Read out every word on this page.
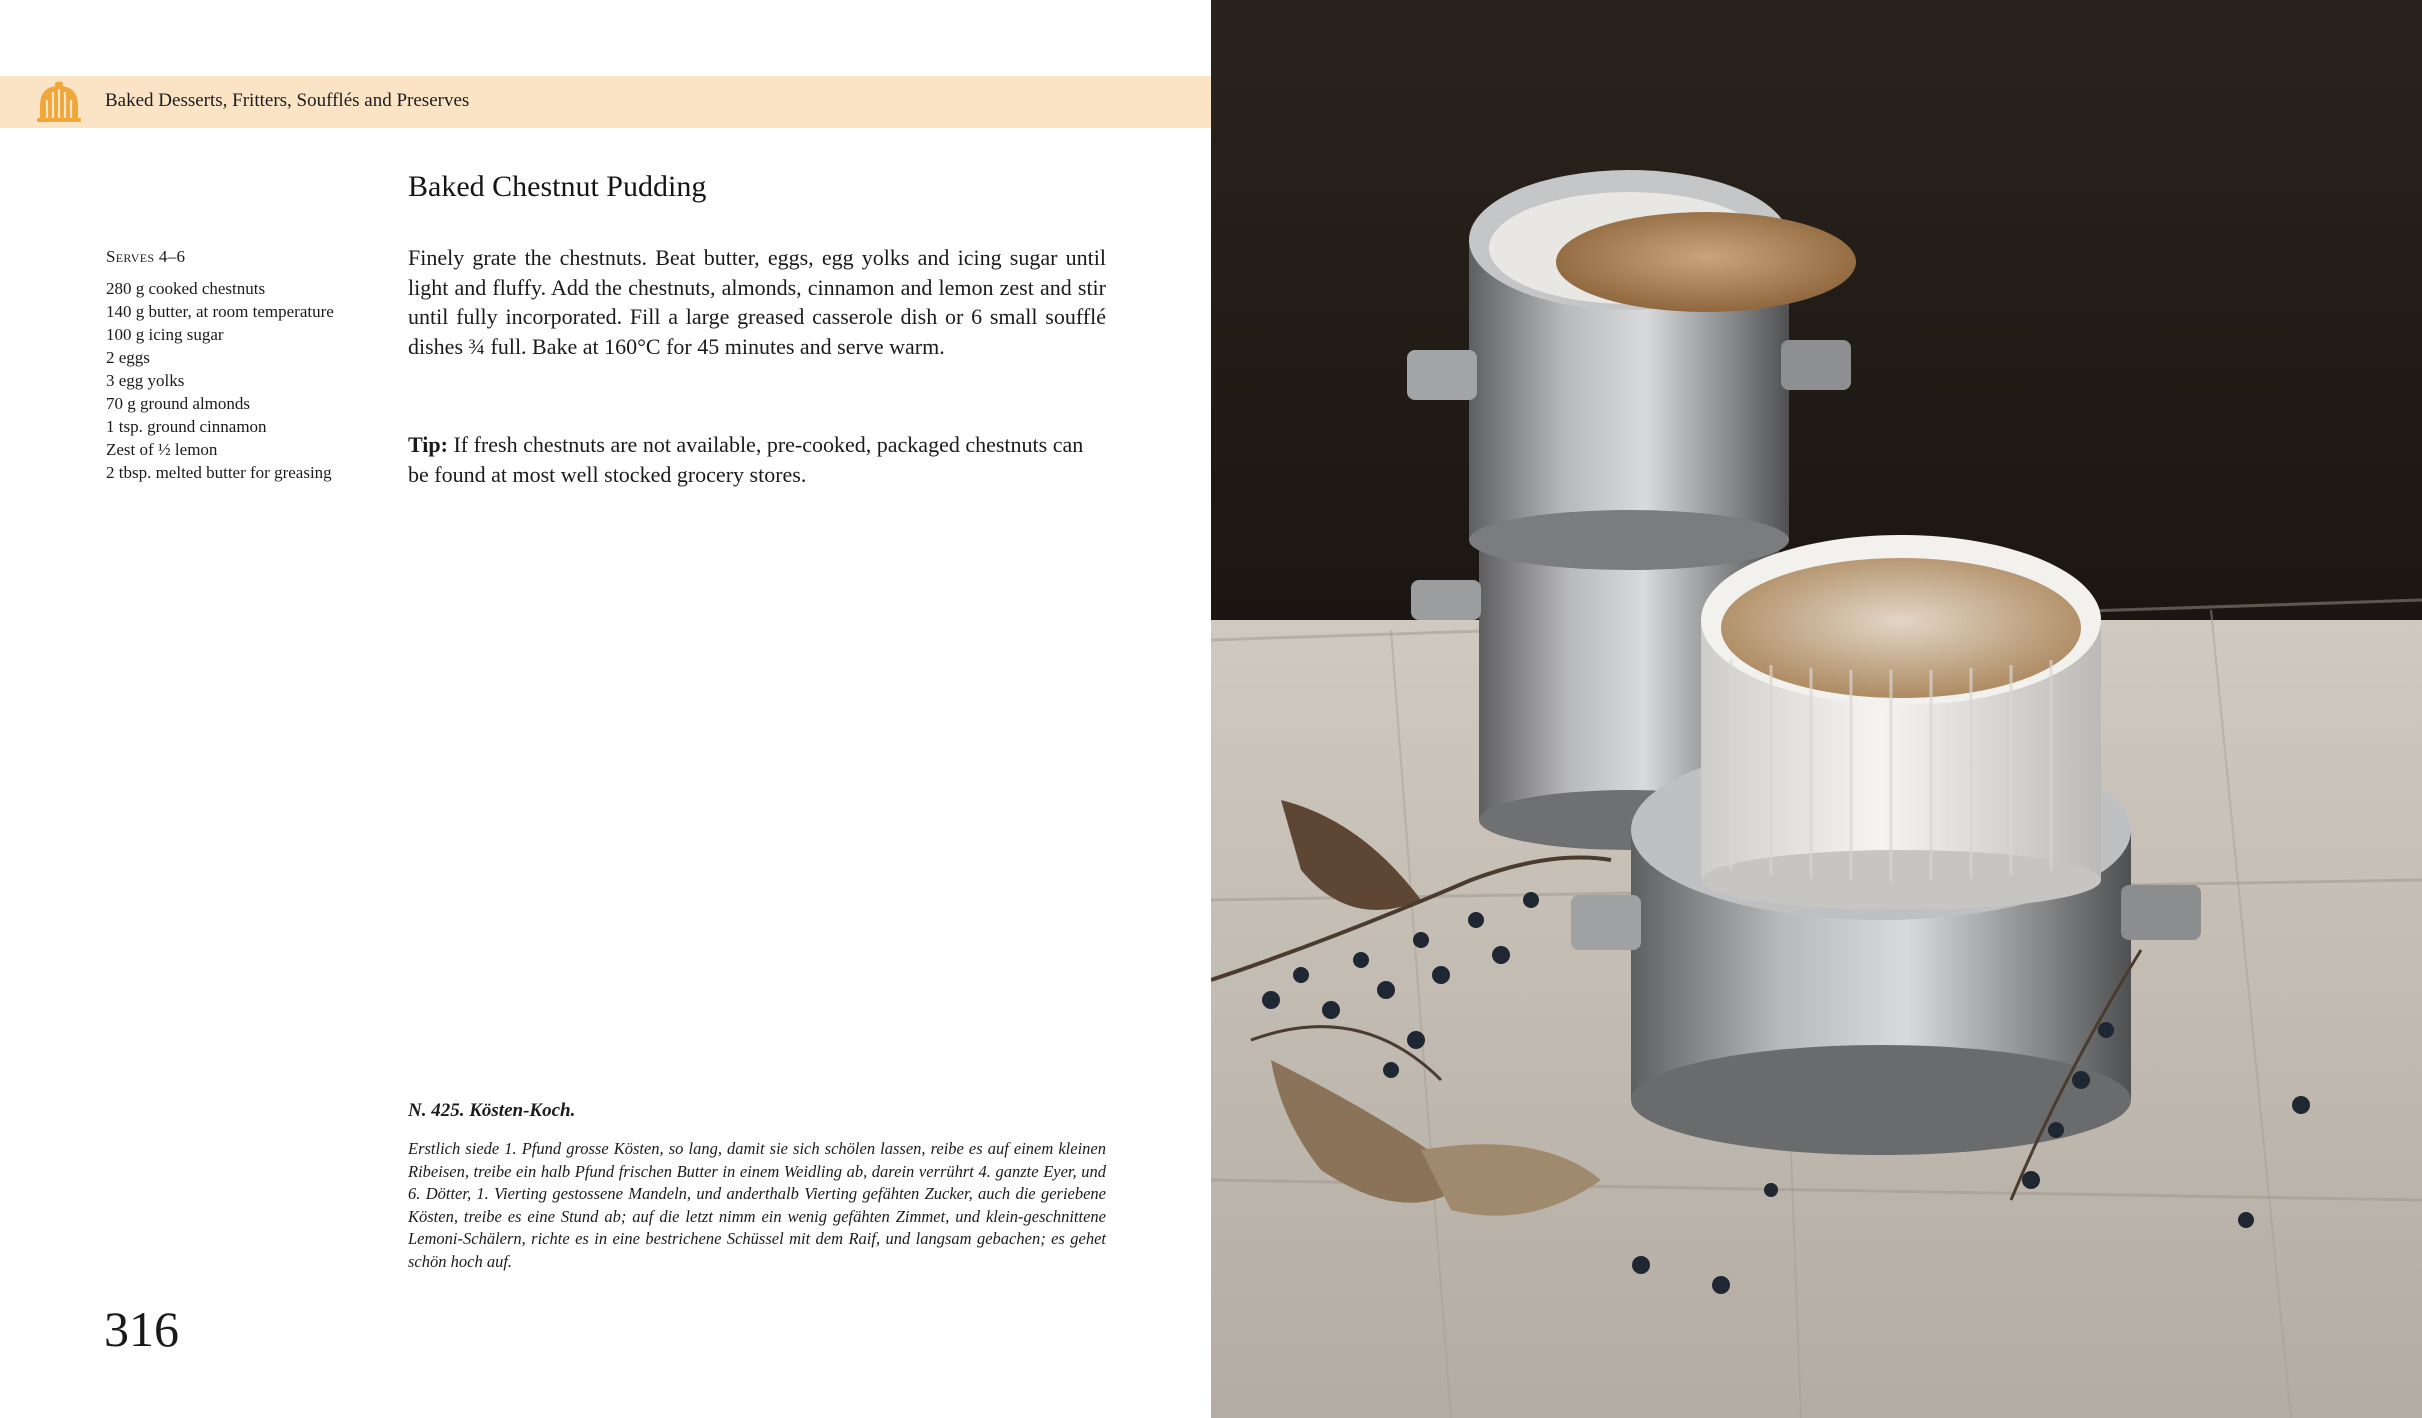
Baked Desserts, Fritters, Soufflés and Preserves
Baked Chestnut Pudding
Serves 4–6
280 g cooked chestnuts
140 g butter, at room temperature
100 g icing sugar
2 eggs
3 egg yolks
70 g ground almonds
1 tsp. ground cinnamon
Zest of ½ lemon
2 tbsp. melted butter for greasing

Finely grate the chestnuts. Beat butter, eggs, egg yolks and icing sugar until light and fluffy. Add the chestnuts, almonds, cinnamon and lemon zest and stir until fully incorporated. Fill a large greased casserole dish or 6 small soufflé dishes ¾ full. Bake at 160°C for 45 minutes and serve warm.

Tip: If fresh chestnuts are not available, pre-cooked, packaged chestnuts can be found at most well stocked grocery stores.

N. 425. Kösten-Koch.

Erstlich siede 1. Pfund grosse Kösten, so lang, damit sie sich schölen lassen, reibe es auf einem kleinen Ribeisen, treibe ein halb Pfund frischen Butter in einem Weidling ab, darein verrührt 4. ganzte Eyer, und 6. Dötter, 1. Vierting gestossene Mandeln, und anderthalb Vierting gefähten Zucker, auch die geriebene Kösten, treibe es eine Stund ab; auf die letzt nimm ein wenig gefähten Zimmet, und klein-geschnittene Lemoni-Schälern, richte es in eine bestrichene Schüssel mit dem Raif, und langsam gebachen; es gehet schön hoch auf.

316
